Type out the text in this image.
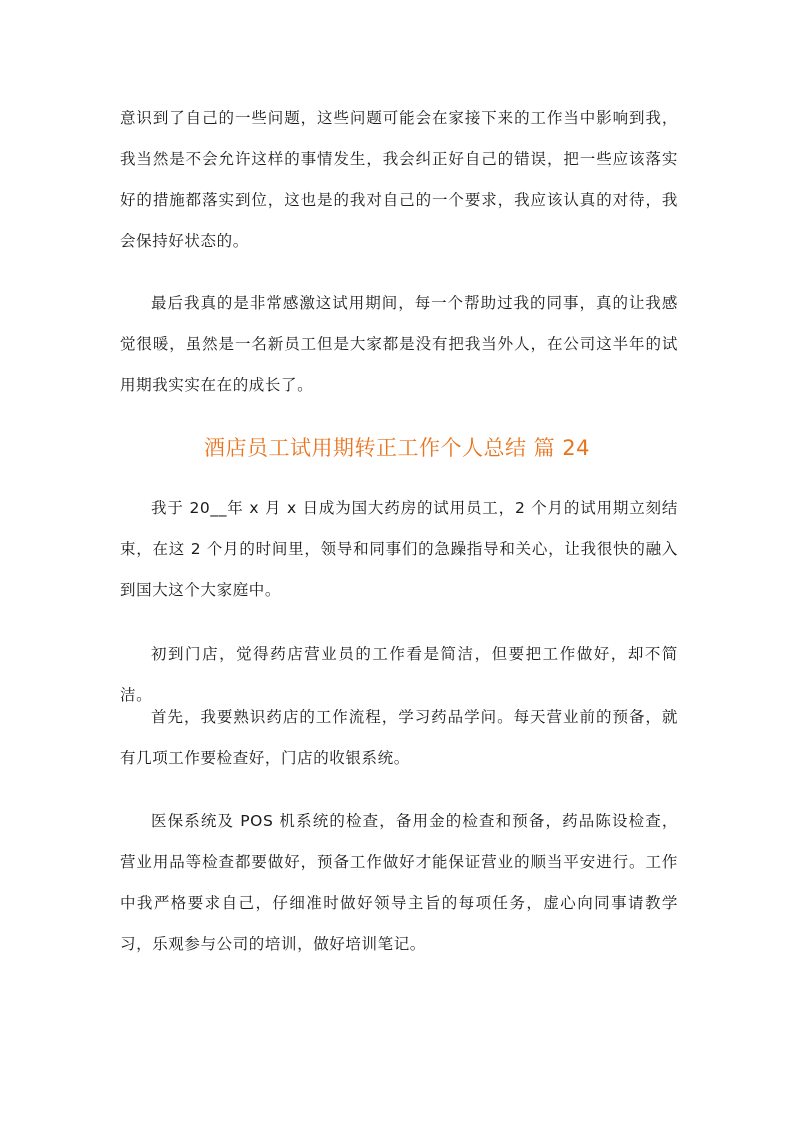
意识到了自己的一些问题，这些问题可能会在家接下来的工作当中影响到我，我当然是不会允许这样的事情发生，我会纠正好自己的错误，把一些应该落实好的措施都落实到位，这也是的我对自己的一个要求，我应该认真的对待，我会保持好状态的。

最后我真的是非常感激这试用期间，每一个帮助过我的同事，真的让我感觉很暖，虽然是一名新员工但是大家都是没有把我当外人，在公司这半年的试用期我实实在在的成长了。

酒店员工试用期转正工作个人总结 篇 24

我于 20__年 x 月 x 日成为国大药房的试用员工，2 个月的试用期立刻结束，在这 2 个月的时间里，领导和同事们的急躁指导和关心，让我很快的融入到国大这个大家庭中。

初到门店，觉得药店营业员的工作看是简洁，但要把工作做好，却不简洁。

首先，我要熟识药店的工作流程，学习药品学问。每天营业前的预备，就有几项工作要检查好，门店的收银系统。

医保系统及 POS 机系统的检查，备用金的检查和预备，药品陈设检查，营业用品等检查都要做好，预备工作做好才能保证营业的顺当平安进行。工作中我严格要求自己，仔细准时做好领导主旨的每项任务，虚心向同事请教学习，乐观参与公司的培训，做好培训笔记。
